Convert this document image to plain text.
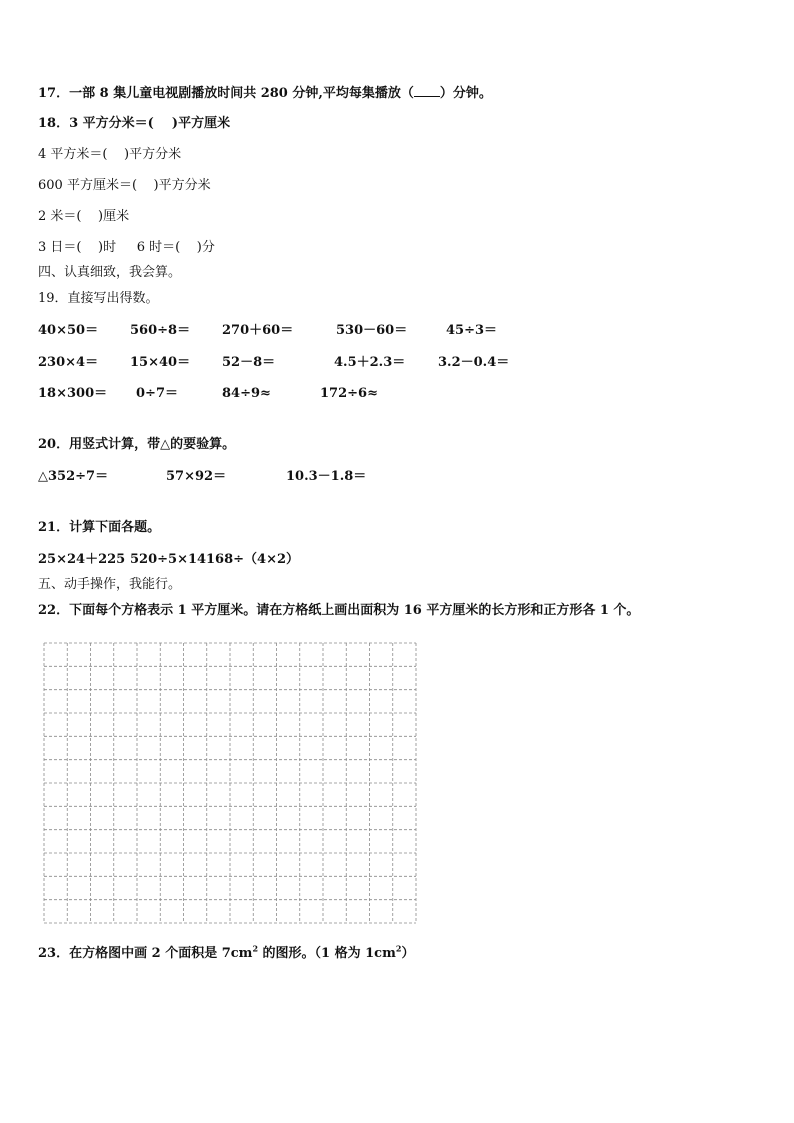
17．一部 8 集儿童电视剧播放时间共 280 分钟,平均每集播放（ ）分钟。
18．3 平方分米＝(    )平方厘米
4 平方米＝(    )平方分米
600 平方厘米＝(    )平方分米
2 米＝(    )厘米
3 日＝(    )时     6 时＝(    )分
四、认真细致，我会算。
19．直接写出得数。
40×50＝ 560÷8＝ 270＋60＝	530－60＝	45÷3＝
230×4＝ 15×40＝ 52－8＝	4.5＋2.3＝	3.2－0.4＝
18×300＝ 0÷7＝	84÷9≈	172÷6≈
20．用竖式计算，带△的要验算。
△352÷7＝	57×92＝	10.3－1.8＝
21．计算下面各题。
25×24＋225 520÷5×14 168÷（4×2）
五、动手操作，我能行。
22．下面每个方格表示 1 平方厘米。请在方格纸上画出面积为 16 平方厘米的长方形和正方形各 1 个。
23．在方格图中画 2 个面积是 $7cm^2$ 的图形。（1 格为 $1cm^2$）
